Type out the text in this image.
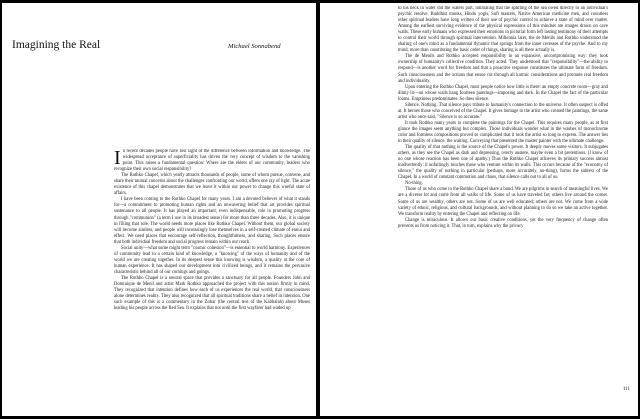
Imagining the Real	Michael Sonnabend

In recent decades people have lost sight of the difference between information and knowledge. The widespread acceptance of superficiality has driven the very concept of wisdom to the vanishing point. This raises a fundamental question: Where are the elders of our community, leaders who recognize their own social responsibility?

The Rothko Chapel, which yearly attracts thousands of people, some of whom pursue, convene, and share their mutual concerns about the challenges confronting our world, offers one ray of light. The acute existence of this chapel demonstrates that we leave it within our power to change this woeful state of affairs.

I have been coming to the Rothko Chapel for many years. I am a devoted believer of what it stands for—a commitment to promoting human rights and an unwavering belief that art provides spiritual sustenance to all people. It has played an important, even indispensable, role in promoting progress through "communion" (a term I use in its broadest sense) for more than three decades. Also, it is unique in filling that role. The world needs more places like Rothko Chapel. Without them, our global society will become aimless, and people will increasingly lose themselves in a self-created climate of ennui and effect. We need places that encourage self-reflection, thoughtfulness, and sharing. Such places ensure that both individual freedom and social progress remain within our reach.

Social unity—what some might term "cosmic cohesion"—is essential to world harmony. Experiences of community lead to a certain kind of knowledge, a "knowing" of the ways of humanity and of the world we are creating together. In its deepest sense this knowing is wisdom, a quality at the core of human experience. It has shaped our development into civilized beings, and it remains the pervasive characteristic behind all of our comings and goings.

The Rothko Chapel is a neutral space that provides a sanctuary for all people. Founders John and Dominique de Menil and artist Mark Rothko approached the project with this notion firmly in mind. They recognized that intention defines how each of us experiences the real world, that consciousness alone determines reality. They also recognized that all spiritual traditions share a belief in intention. One such example of this is a commentary in the Zohar (the central text of the Kabbalah) about Moses leading his people across the Red Sea. It explains that not until the first wayfarer had waded up

to his neck in water did the waters part, intimating that the splitting of the sea owed directly to an individual's psychic resolve. Buddhist monks, Hindu yogis, Sufi masters, Native American medicine men, and countless other spiritual leaders have long written of their use of psychic control to achieve a state of mind over matter. Among the earliest surviving evidence of the physical expressions of this mindset are images drawn on cave walls. These early humans who expressed their emotions in pictorial form left lasting testimony of their attempts to control their world through spiritual intervention. Millennia later, the de Menils and Rothko understood the sharing of one's mind as a fundamental dynamic that springs from the inner recesses of the psyche. And to my mind, more than constituting the basic order of things, sharing is all there actually is.

The de Menils and Rothko accepted responsibility in an expansive, uncompromising way: they took ownership of humanity's collective condition. They acted. They understood that "responsibility"—the ability to respond—is another word for freedom and that a proactive response constitutes the ultimate form of freedom. Such consciousness and the actions that ensue cut through all karmic considerations and promote real freedom and individuality.

Upon entering the Rothko Chapel, most people notice how little is there: an empty concrete room—gray and dimly lit—on whose walls hang fourteen paintings—imposing and dark. In the Chapel the fact of the particular looms. Emptiness predominates. So does silence.

Silence. Nothing. That silence pays tribute to humanity's connection to the universe. It often suspect is offed at. It heroes those who conceived of the Chapel. It gives homage to the artist who created the paintings, the same artist who once said, "Silence is so accurate."

It took Rothko many years to complete the paintings for the Chapel. This requires many people, as at first glance the images seem anything but complex. Those individuals wonder what in the washes of monochrome color and formless compositions proved so complicated that it took the artist so long to express. The answer lies in their quality of silence, the waiting. Conveying that presented the master painter with the ultimate challenge.

The quality of that nothing is the source of the Chapel's power. It deeply moves some visitors. It subjugates others, as they see the Chapel as dark and depressing, overly austere, maybe even a bit pretentious. (I know of no one whose reaction has been one of apathy.) Thus the Rothko Chapel achieves its primary success almost inadvertently: it unfailingly touches those who venture within its walls. This occurs because of the "economy of silence," the quality of nothing in particular (perhaps, more accurately, no-thing), forms the subtext of the Chapel. In a world of constant commotion and chaos, that silence calls out to all of us.

No-thing.

Those of us who come to the Rothko Chapel share a bond. We are pilgrims in search of meaningful lives. We are a diverse lot and come from all walks of life. Some of us have traveled far; others live around the corner. Some of us are wealthy, others are not. Some of us are well educated; others are not. We come from a wide variety of ethnic, religious, and cultural backgrounds, and without planning to do so we take an active together. We transform reality by entering the Chapel and reflecting on life.

Change is miraculous. It allows our basic creative conditions, yet the very frequency of change often prevents us from noticing it. That, in turn, explains why the privacy

111
